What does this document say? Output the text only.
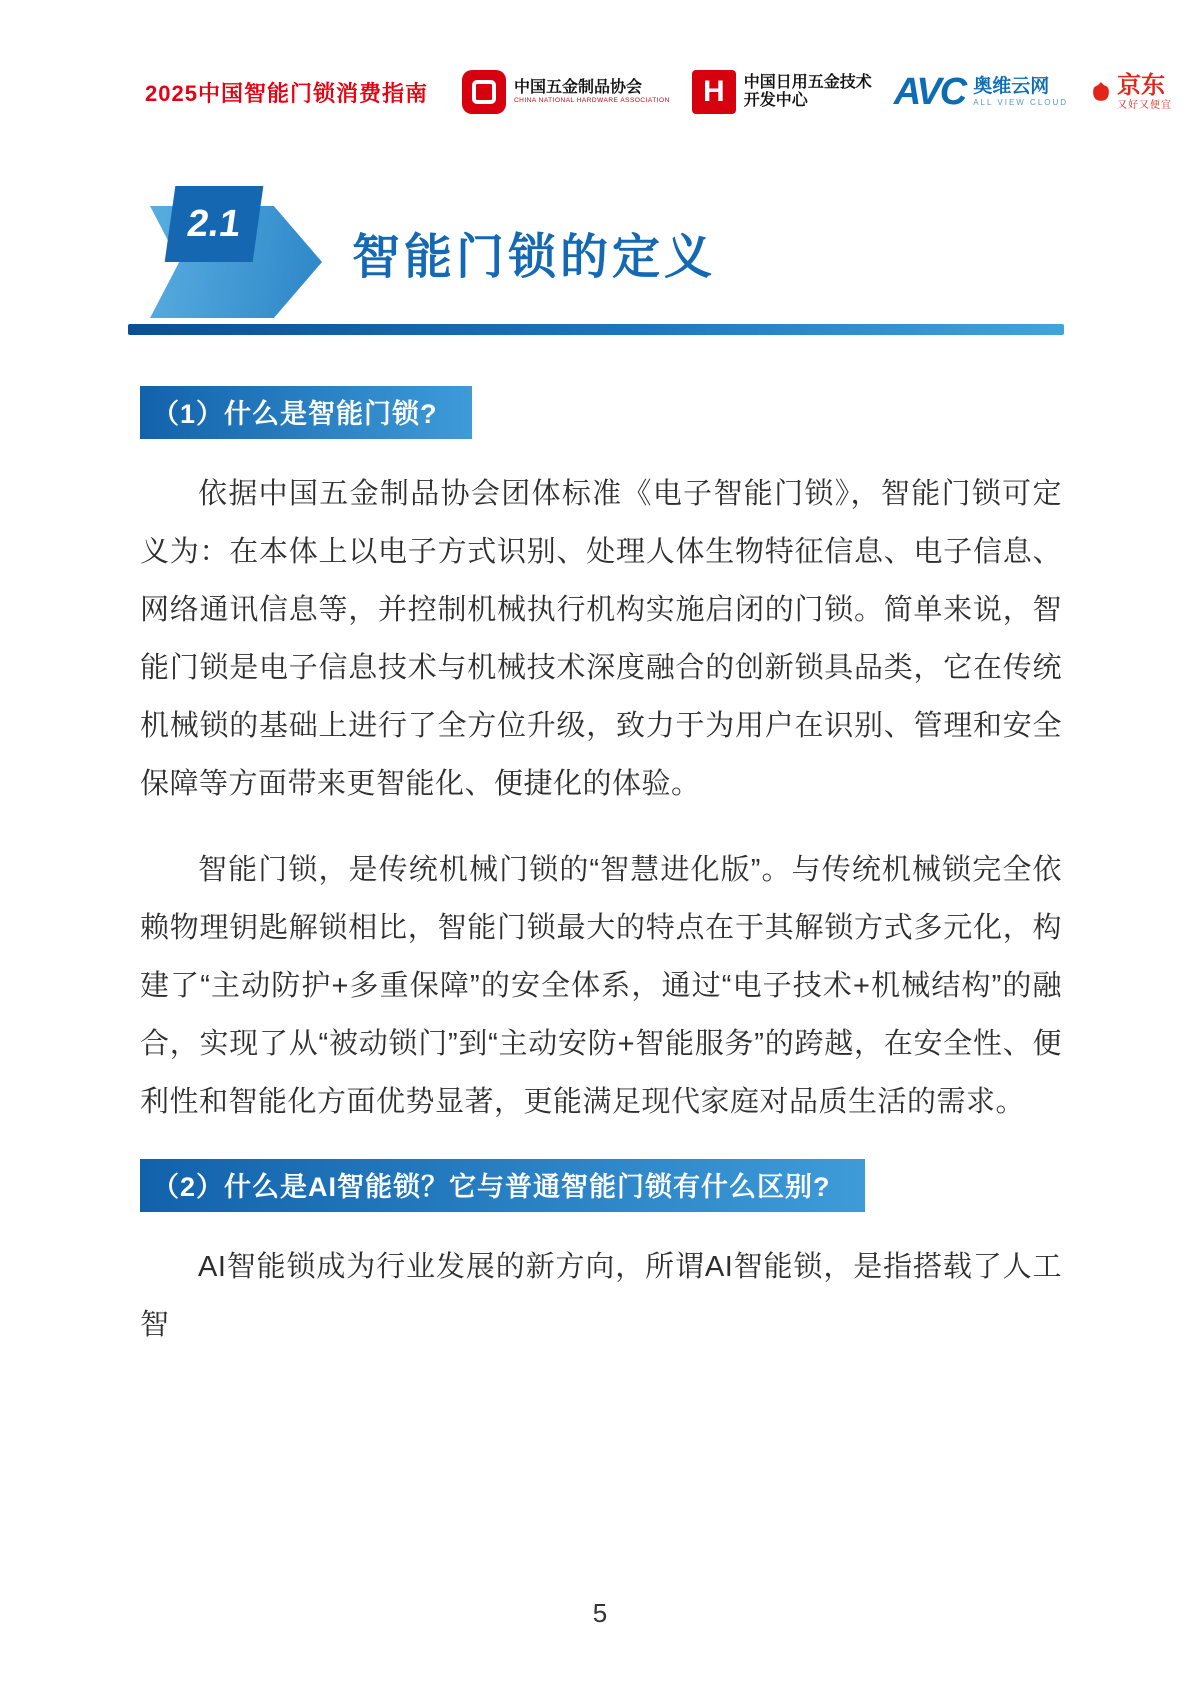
2025中国智能门锁消费指南	中国五金制品协会
CHINA NATIONAL HARDWARE ASSOCIATION	H	中国日用五金技术
开发中心	AVC 奥维云网
ALL VIEW CLOUD
京东
又好又便宜
2.1
智能门锁的定义
（1）什么是智能门锁?

依据中国五金制品协会团体标准《电子智能门锁》，智能门锁可定义为：在本体上以电子方式识别、处理人体生物特征信息、电子信息、网络通讯信息等，并控制机械执行机构实施启闭的门锁。简单来说，智能门锁是电子信息技术与机械技术深度融合的创新锁具品类，它在传统机械锁的基础上进行了全方位升级，致力于为用户在识别、管理和安全保障等方面带来更智能化、便捷化的体验。

智能门锁，是传统机械门锁的“智慧进化版”。与传统机械锁完全依赖物理钥匙解锁相比，智能门锁最大的特点在于其解锁方式多元化，构建了“主动防护+多重保障”的安全体系，通过“电子技术+机械结构”的融合，实现了从“被动锁门”到“主动安防+智能服务”的跨越，在安全性、便利性和智能化方面优势显著，更能满足现代家庭对品质生活的需求。

（2）什么是AI智能锁？它与普通智能门锁有什么区别?

AI智能锁成为行业发展的新方向，所谓AI智能锁，是指搭载了人工智

5
